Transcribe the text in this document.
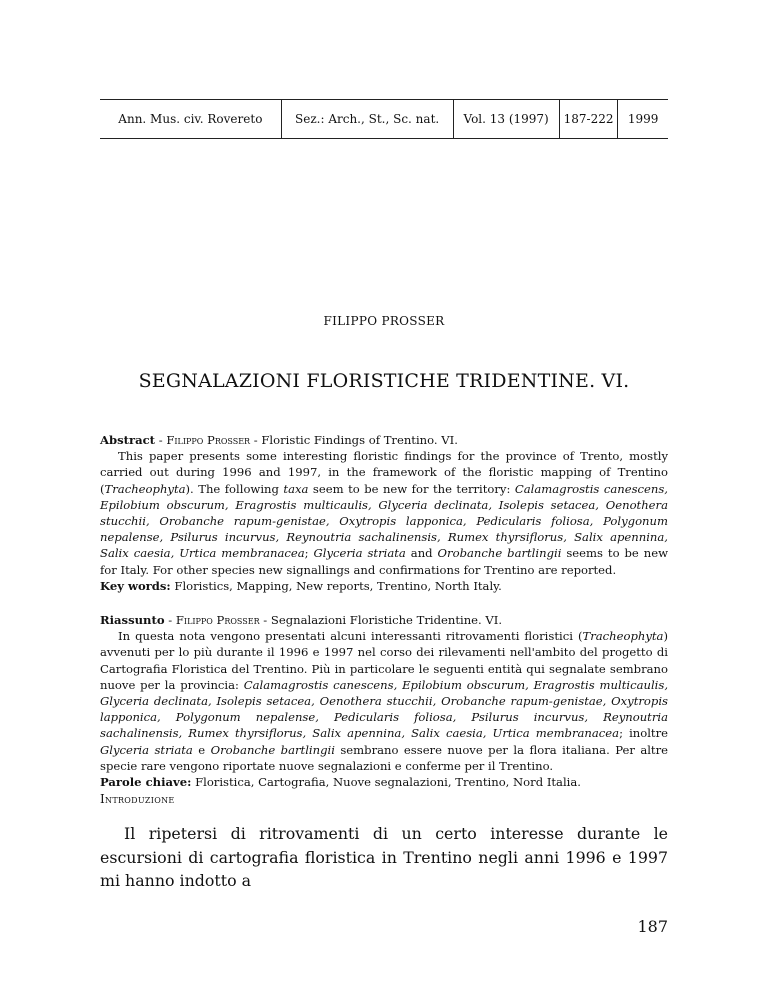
Ann. Mus. civ. Rovereto	Sez.: Arch., St., Sc. nat.	Vol. 13 (1997)	187-222	1999
FILIPPO PROSSER
SEGNALAZIONI FLORISTICHE TRIDENTINE. VI.

Abstract - Filippo Prosser - Floristic Findings of Trentino. VI.

This paper presents some interesting floristic findings for the province of Trento, mostly carried out during 1996 and 1997, in the framework of the floristic mapping of Trentino (Tracheophyta). The following taxa seem to be new for the territory: Calamagrostis canescens, Epilobium obscurum, Eragrostis multicaulis, Glyceria declinata, Isolepis setacea, Oenothera stucchii, Orobanche rapum-genistae, Oxytropis lapponica, Pedicularis foliosa, Polygonum nepalense, Psilurus incurvus, Reynoutria sachalinensis, Rumex thyrsiflorus, Salix apennina, Salix caesia, Urtica membranacea; Glyceria striata and Orobanche bartlingii seems to be new for Italy. For other species new signallings and confirmations for Trentino are reported.

Key words: Floristics, Mapping, New reports, Trentino, North Italy.

Riassunto - Filippo Prosser - Segnalazioni Floristiche Tridentine. VI.

In questa nota vengono presentati alcuni interessanti ritrovamenti floristici (Tracheophyta) avvenuti per lo più durante il 1996 e 1997 nel corso dei rilevamenti nell'ambito del progetto di Cartografia Floristica del Trentino. Più in particolare le seguenti entità qui segnalate sembrano nuove per la provincia: Calamagrostis canescens, Epilobium obscurum, Eragrostis multicaulis, Glyceria declinata, Isolepis setacea, Oenothera stucchii, Orobanche rapum-genistae, Oxytropis lapponica, Polygonum nepalense, Pedicularis foliosa, Psilurus incurvus, Reynoutria sachalinensis, Rumex thyrsiflorus, Salix apennina, Salix caesia, Urtica membranacea; inoltre Glyceria striata e Orobanche bartlingii sembrano essere nuove per la flora italiana. Per altre specie rare vengono riportate nuove segnalazioni e conferme per il Trentino.

Parole chiave: Floristica, Cartografia, Nuove segnalazioni, Trentino, Nord Italia.

Introduzione
Il ripetersi di ritrovamenti di un certo interesse durante le escursioni di cartografia floristica in Trentino negli anni 1996 e 1997 mi hanno indotto a
187
